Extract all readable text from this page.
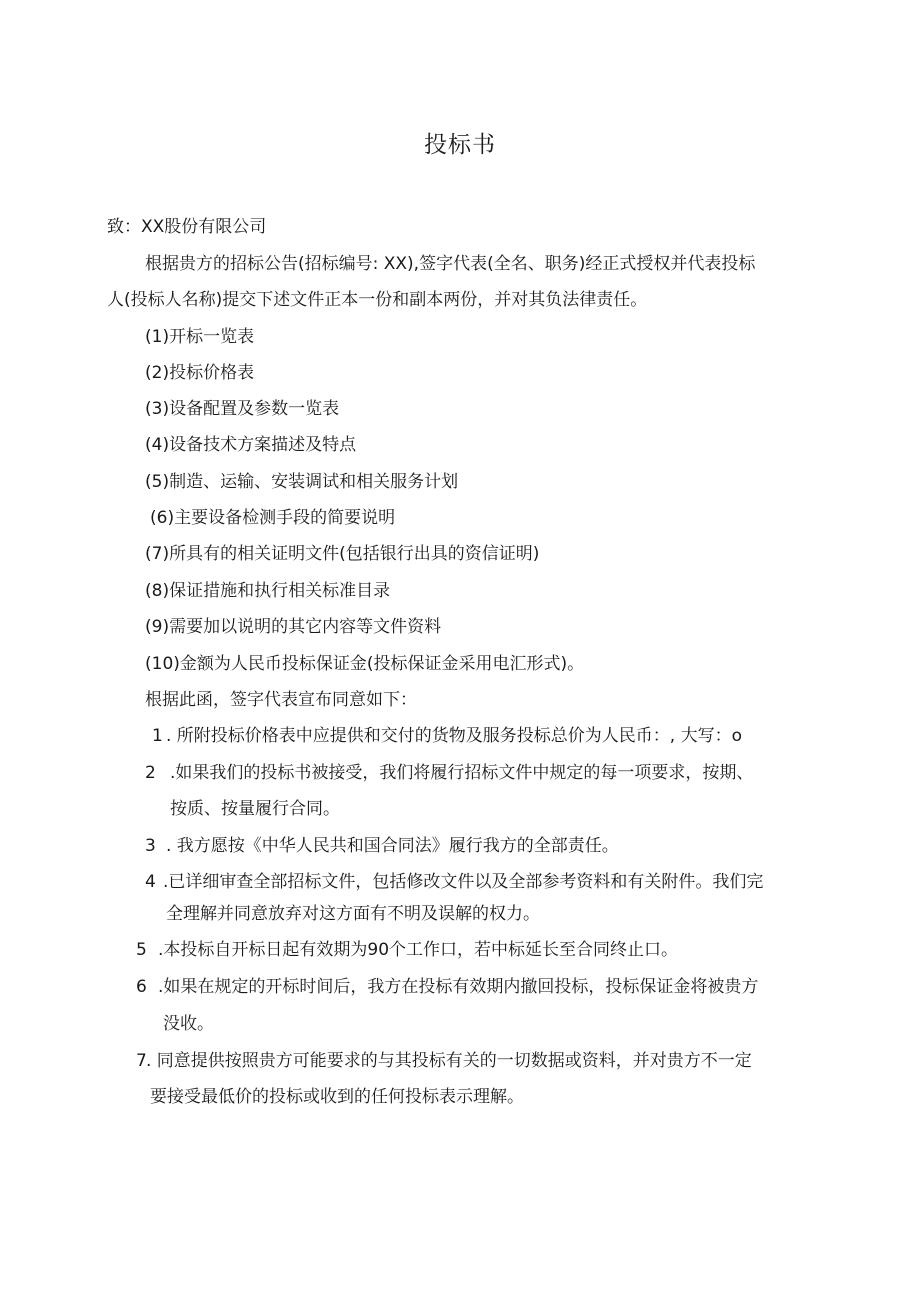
投标书
致：XX股份有限公司
根据贵方的招标公告(招标编号: XX),签字代表(全名、职务)经正式授权并代表投标
人(投标人名称)提交下述文件正本一份和副本两份，并对其负法律责任。
(1)开标一览表
(2)投标价格表
(3)设备配置及参数一览表
(4)设备技术方案描述及特点
(5)制造、运输、安装调试和相关服务计划
(6)主要设备检测手段的简要说明
(7)所具有的相关证明文件(包括银行出具的资信证明)
(8)保证措施和执行相关标准目录
(9)需要加以说明的其它内容等文件资料
(10)金额为人民币投标保证金(投标保证金采用电汇形式)。
根据此函，签字代表宣布同意如下：
1 . 所附投标价格表中应提供和交付的货物及服务投标总价为人民币：, 大写：o
2 .如果我们的投标书被接受，我们将履行招标文件中规定的每一项要求，按期、
按质、按量履行合同。
3 . 我方愿按《中华人民共和国合同法》履行我方的全部责任。
4 .已详细审查全部招标文件，包括修改文件以及全部参考资料和有关附件。我们完
全理解并同意放弃对这方面有不明及误解的权力。
5 .本投标自开标日起有效期为90个工作口，若中标延长至合同终止口。
6 .如果在规定的开标时间后，我方在投标有效期内撤回投标，投标保证金将被贵方
没收。
7 . 同意提供按照贵方可能要求的与其投标有关的一切数据或资料，并对贵方不一定
要接受最低价的投标或收到的任何投标表示理解。
